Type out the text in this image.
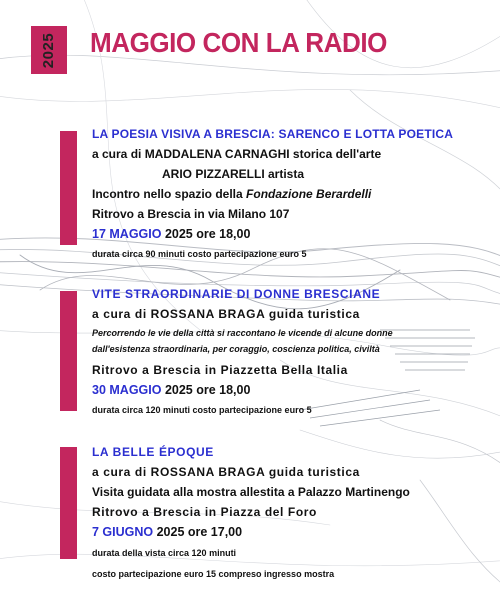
2025 MAGGIO CON LA RADIO
LA POESIA VISIVA A BRESCIA: SARENCO E LOTTA POETICA
a cura di MADDALENA CARNAGHI storica dell'arte
ARIO PIZZARELLI artista
Incontro nello spazio della Fondazione Berardelli
Ritrovo a Brescia in via Milano 107
17 MAGGIO 2025 ore 18,00
durata circa 90 minuti costo partecipazione euro 5
VITE STRAORDINARIE DI DONNE BRESCIANE
a cura di ROSSANA BRAGA guida turistica
Percorrendo le vie della città si raccontano le vicende di alcune donne
dall'esistenza straordinaria, per coraggio, coscienza politica, civiltà
Ritrovo a Brescia in Piazzetta Bella Italia
30 MAGGIO 2025 ore 18,00
durata circa 120 minuti costo partecipazione euro 5
LA BELLE ÉPOQUE
a cura di ROSSANA BRAGA guida turistica
Visita guidata alla mostra allestita a Palazzo Martinengo
Ritrovo a Brescia in Piazza del Foro
7 GIUGNO 2025 ore 17,00
durata della vista circa 120 minuti
costo partecipazione euro 15 compreso ingresso mostra
